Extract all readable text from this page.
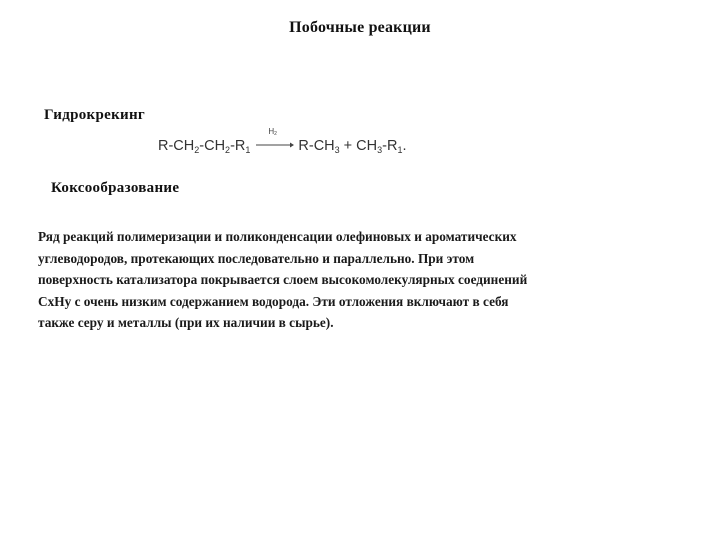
Побочные реакции
Гидрокрекинг
$R-CH_2-CH_2-R_1$
$H_2$
$R-CH_3 + CH_3-R_1$.
Коксообразование
Ряд реакций полимеризации и поликонденсации олефиновых и ароматических
углеводородов, протекающих последовательно и параллельно. При этом
поверхность катализатора покрывается слоем высокомолекулярных соединений
CxHy с очень низким содержанием водорода. Эти отложения включают в себя
также серу и металлы (при их наличии в сырье).
